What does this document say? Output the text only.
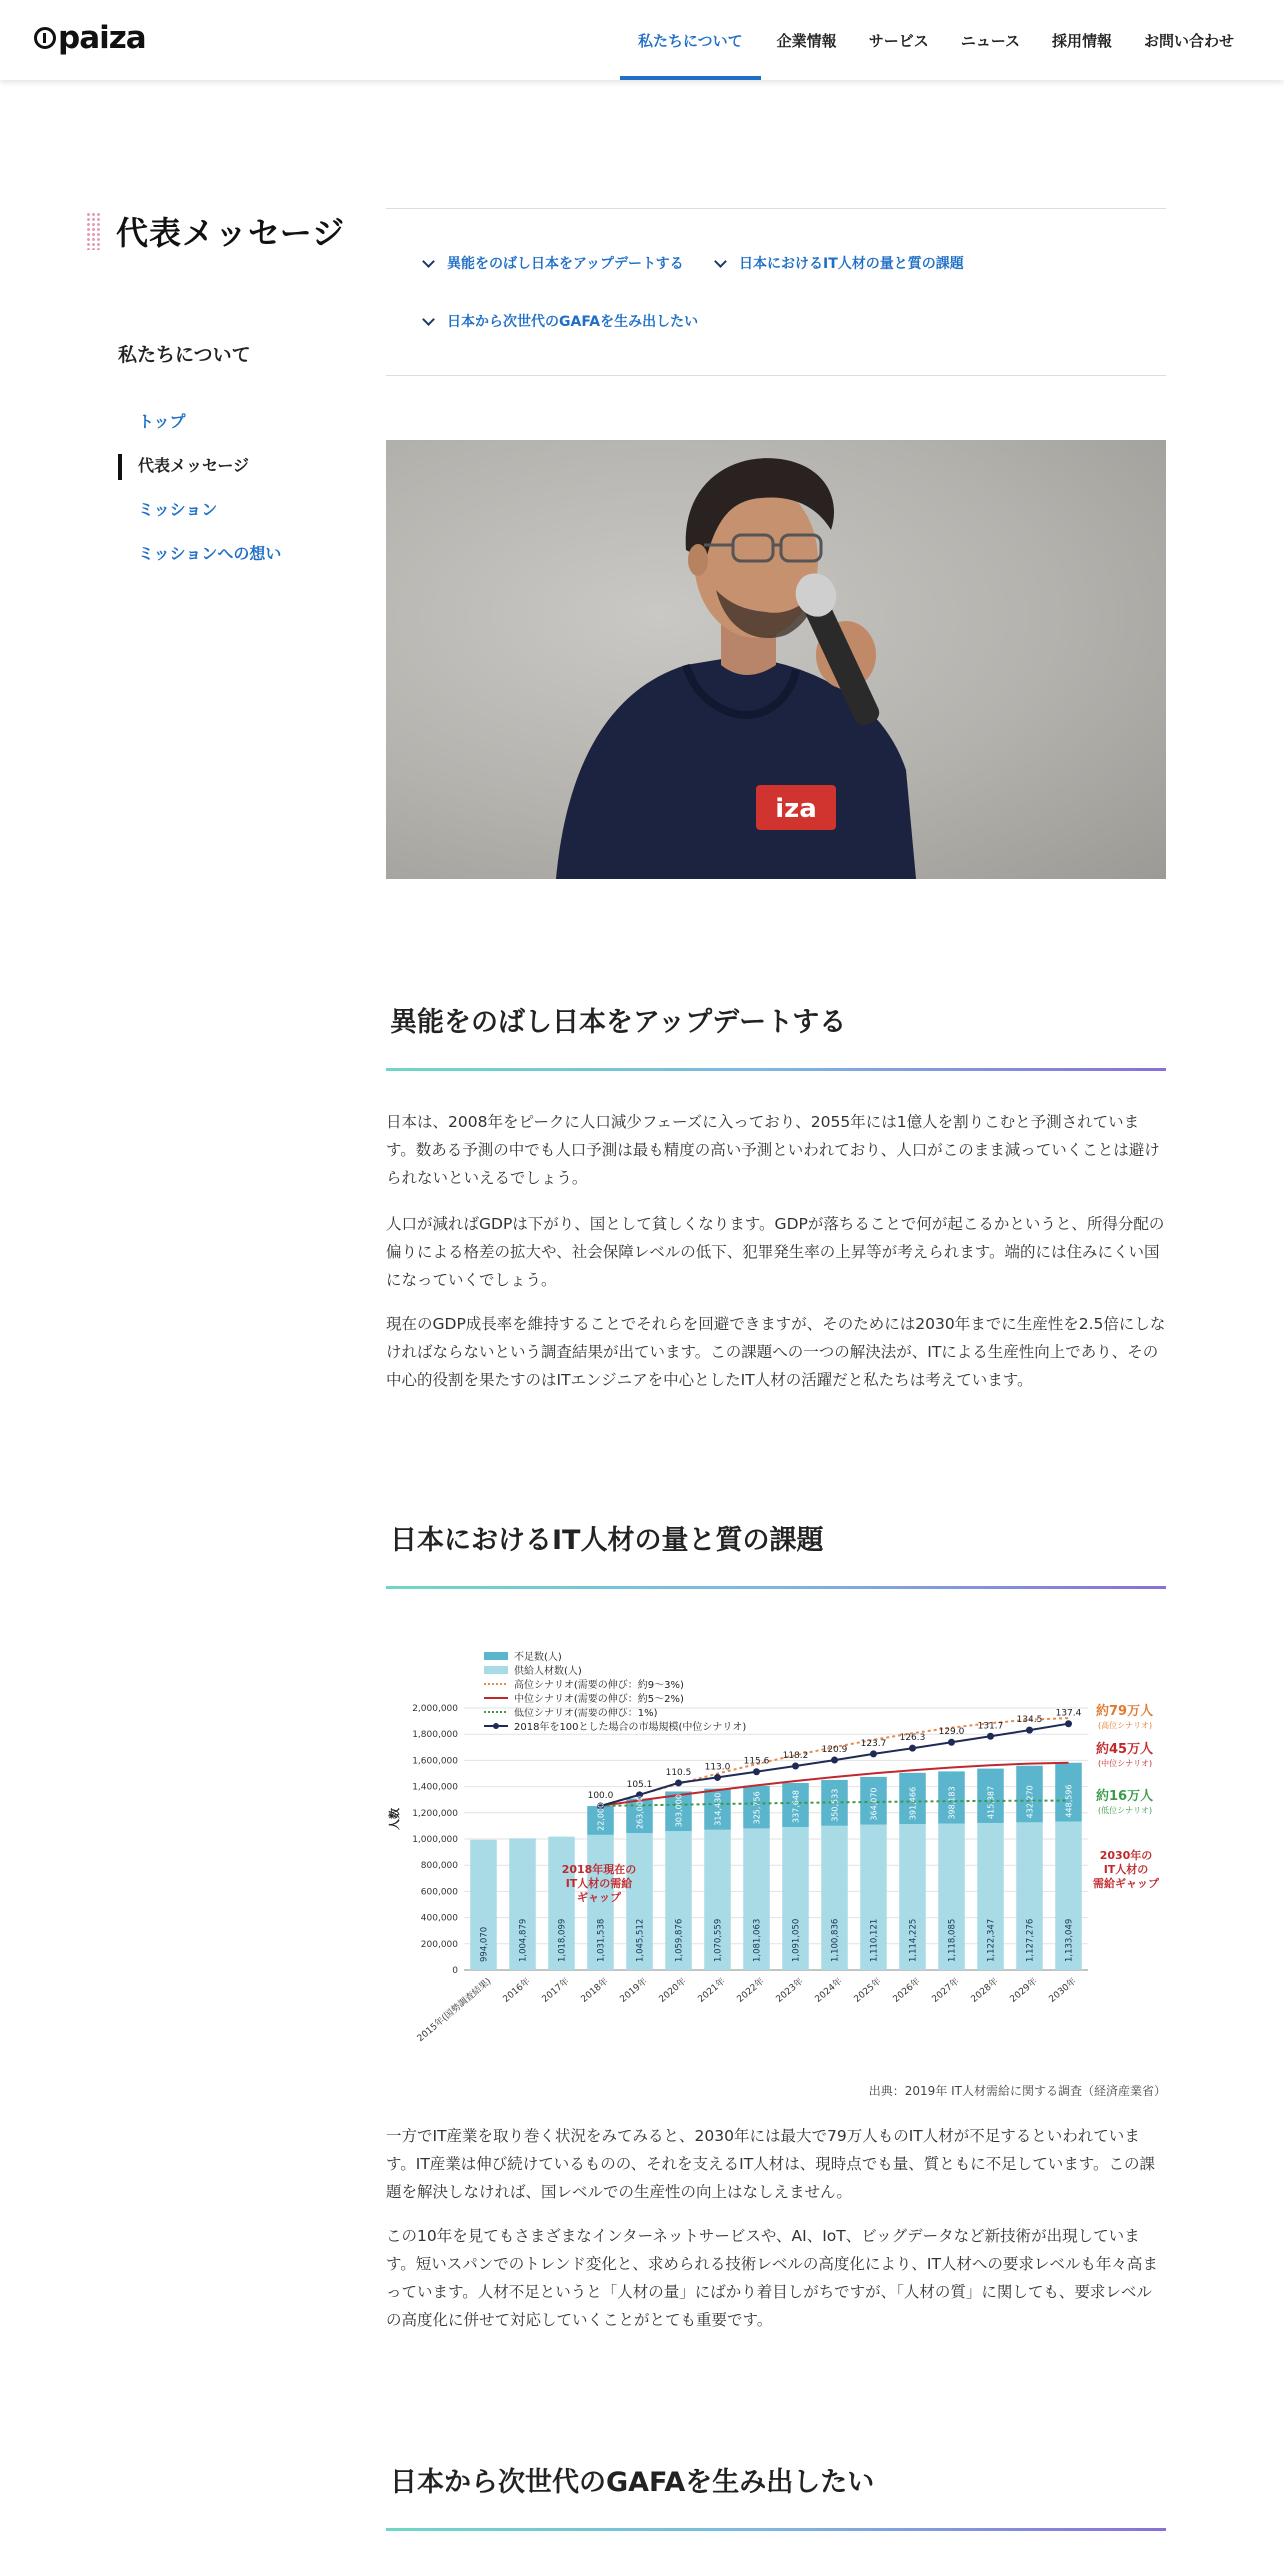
paiza	私たちについて	企業情報	サービス	ニュース	採用情報	お問い合わせ
代表メッセージ
私たちについて
トップ
代表メッセージ
ミッション
ミッションへの想い
異能をのばし日本をアップデートする	日本におけるIT人材の量と質の課題
日本から次世代のGAFAを生み出したい
iza
異能をのばし日本をアップデートする

日本は、2008年をピークに人口減少フェーズに入っており、2055年には1億人を割りこむと予測されています。数ある予測の中でも人口予測は最も精度の高い予測といわれており、人口がこのまま減っていくことは避けられないといえるでしょう。

人口が減ればGDPは下がり、国として貧しくなります。GDPが落ちることで何が起こるかというと、所得分配の偏りによる格差の拡大や、社会保障レベルの低下、犯罪発生率の上昇等が考えられます。端的には住みにくい国になっていくでしょう。

現在のGDP成長率を維持することでそれらを回避できますが、そのためには2030年までに生産性を2.5倍にしなければならないという調査結果が出ています。この課題への一つの解決法が、ITによる生産性向上であり、その中心的役割を果たすのはITエンジニアを中心としたIT人材の活躍だと私たちは考えています。

日本におけるIT人材の量と質の課題
不足数(人)
供給人材数(人)
高位シナリオ(需要の伸び：約9～3%)
中位シナリオ(需要の伸び：約5～2%)
低位シナリオ(需要の伸び：1%)
2018年を100とした場合の市場規模(中位シナリオ)
人数
2,000,000
1,800,000
1,600,000
1,400,000
1,200,000
1,000,000
800,000
600,000
400,000
200,000
0
2015年(国勢調査結果) 2016年 2017年 2018年 2019年 2020年 2021年 2022年 2023年 2024年 2025年 2026年 2027年 2028年 2029年 2030年
994,070	1,004,879	1,018,099	1,031,538
22,000
1,045,512
263,000
1,059,876
303,000
1,070,559
314,430
1,081,063
325,756
1,091,050
337,648
1,100,836
350,533
1,110,121
364,070
1,114,225
391,466
1,118,085
398,183
1,122,347
415,387
1,127,276
432,270
1,133,049
448,596
100.0
105.1
110.5
113.0
115.6
118.2
120.9
123.7
126.3
129.0
131.7
134.5
137.4
2018年現在の
IT人材の需給
ギャップ
約79万人
(高位シナリオ)
約45万人
(中位シナリオ)
約16万人
(低位シナリオ)
2030年の
IT人材の
需給ギャップ
出典：2019年 IT人材需給に関する調査（経済産業省）

一方でIT産業を取り巻く状況をみてみると、2030年には最大で79万人ものIT人材が不足するといわれています。IT産業は伸び続けているものの、それを支えるIT人材は、現時点でも量、質ともに不足しています。この課題を解決しなければ、国レベルでの生産性の向上はなしえません。

この10年を見てもさまざまなインターネットサービスや、AI、IoT、ビッグデータなど新技術が出現しています。短いスパンでのトレンド変化と、求められる技術レベルの高度化により、IT人材への要求レベルも年々高まっています。人材不足というと「人材の量」にばかり着目しがちですが、「人材の質」に関しても、要求レベルの高度化に併せて対応していくことがとても重要です。

日本から次世代のGAFAを生み出したい
